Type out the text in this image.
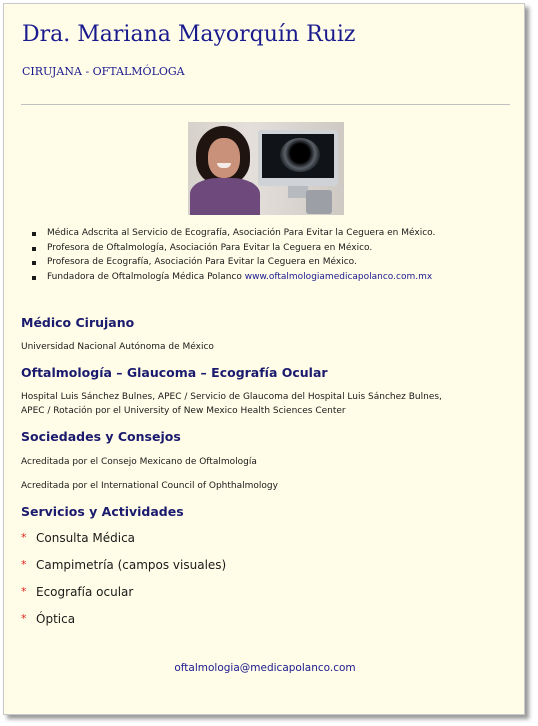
Dra. Mariana Mayorquín Ruiz
CIRUJANA - OFTALMÓLOGA
Médica Adscrita al Servicio de Ecografía, Asociación Para Evitar la Ceguera en México.
Profesora de Oftalmología, Asociación Para Evitar la Ceguera en México.
Profesora de Ecografía, Asociación Para Evitar la Ceguera en México.
Fundadora de Oftalmología Médica Polanco www.oftalmologiamedicapolanco.com.mx
Médico Cirujano
Universidad Nacional Autónoma de México
Oftalmología – Glaucoma – Ecografía Ocular
Hospital Luis Sánchez Bulnes, APEC / Servicio de Glaucoma del Hospital Luis Sánchez Bulnes,
APEC / Rotación por el University of New Mexico Health Sciences Center
Sociedades y Consejos
Acreditada por el Consejo Mexicano de Oftalmología
Acreditada por el International Council of Ophthalmology
Servicios y Actividades
* Consulta Médica
* Campimetría (campos visuales)
* Ecografía ocular
* Óptica
oftalmologia@medicapolanco.com
